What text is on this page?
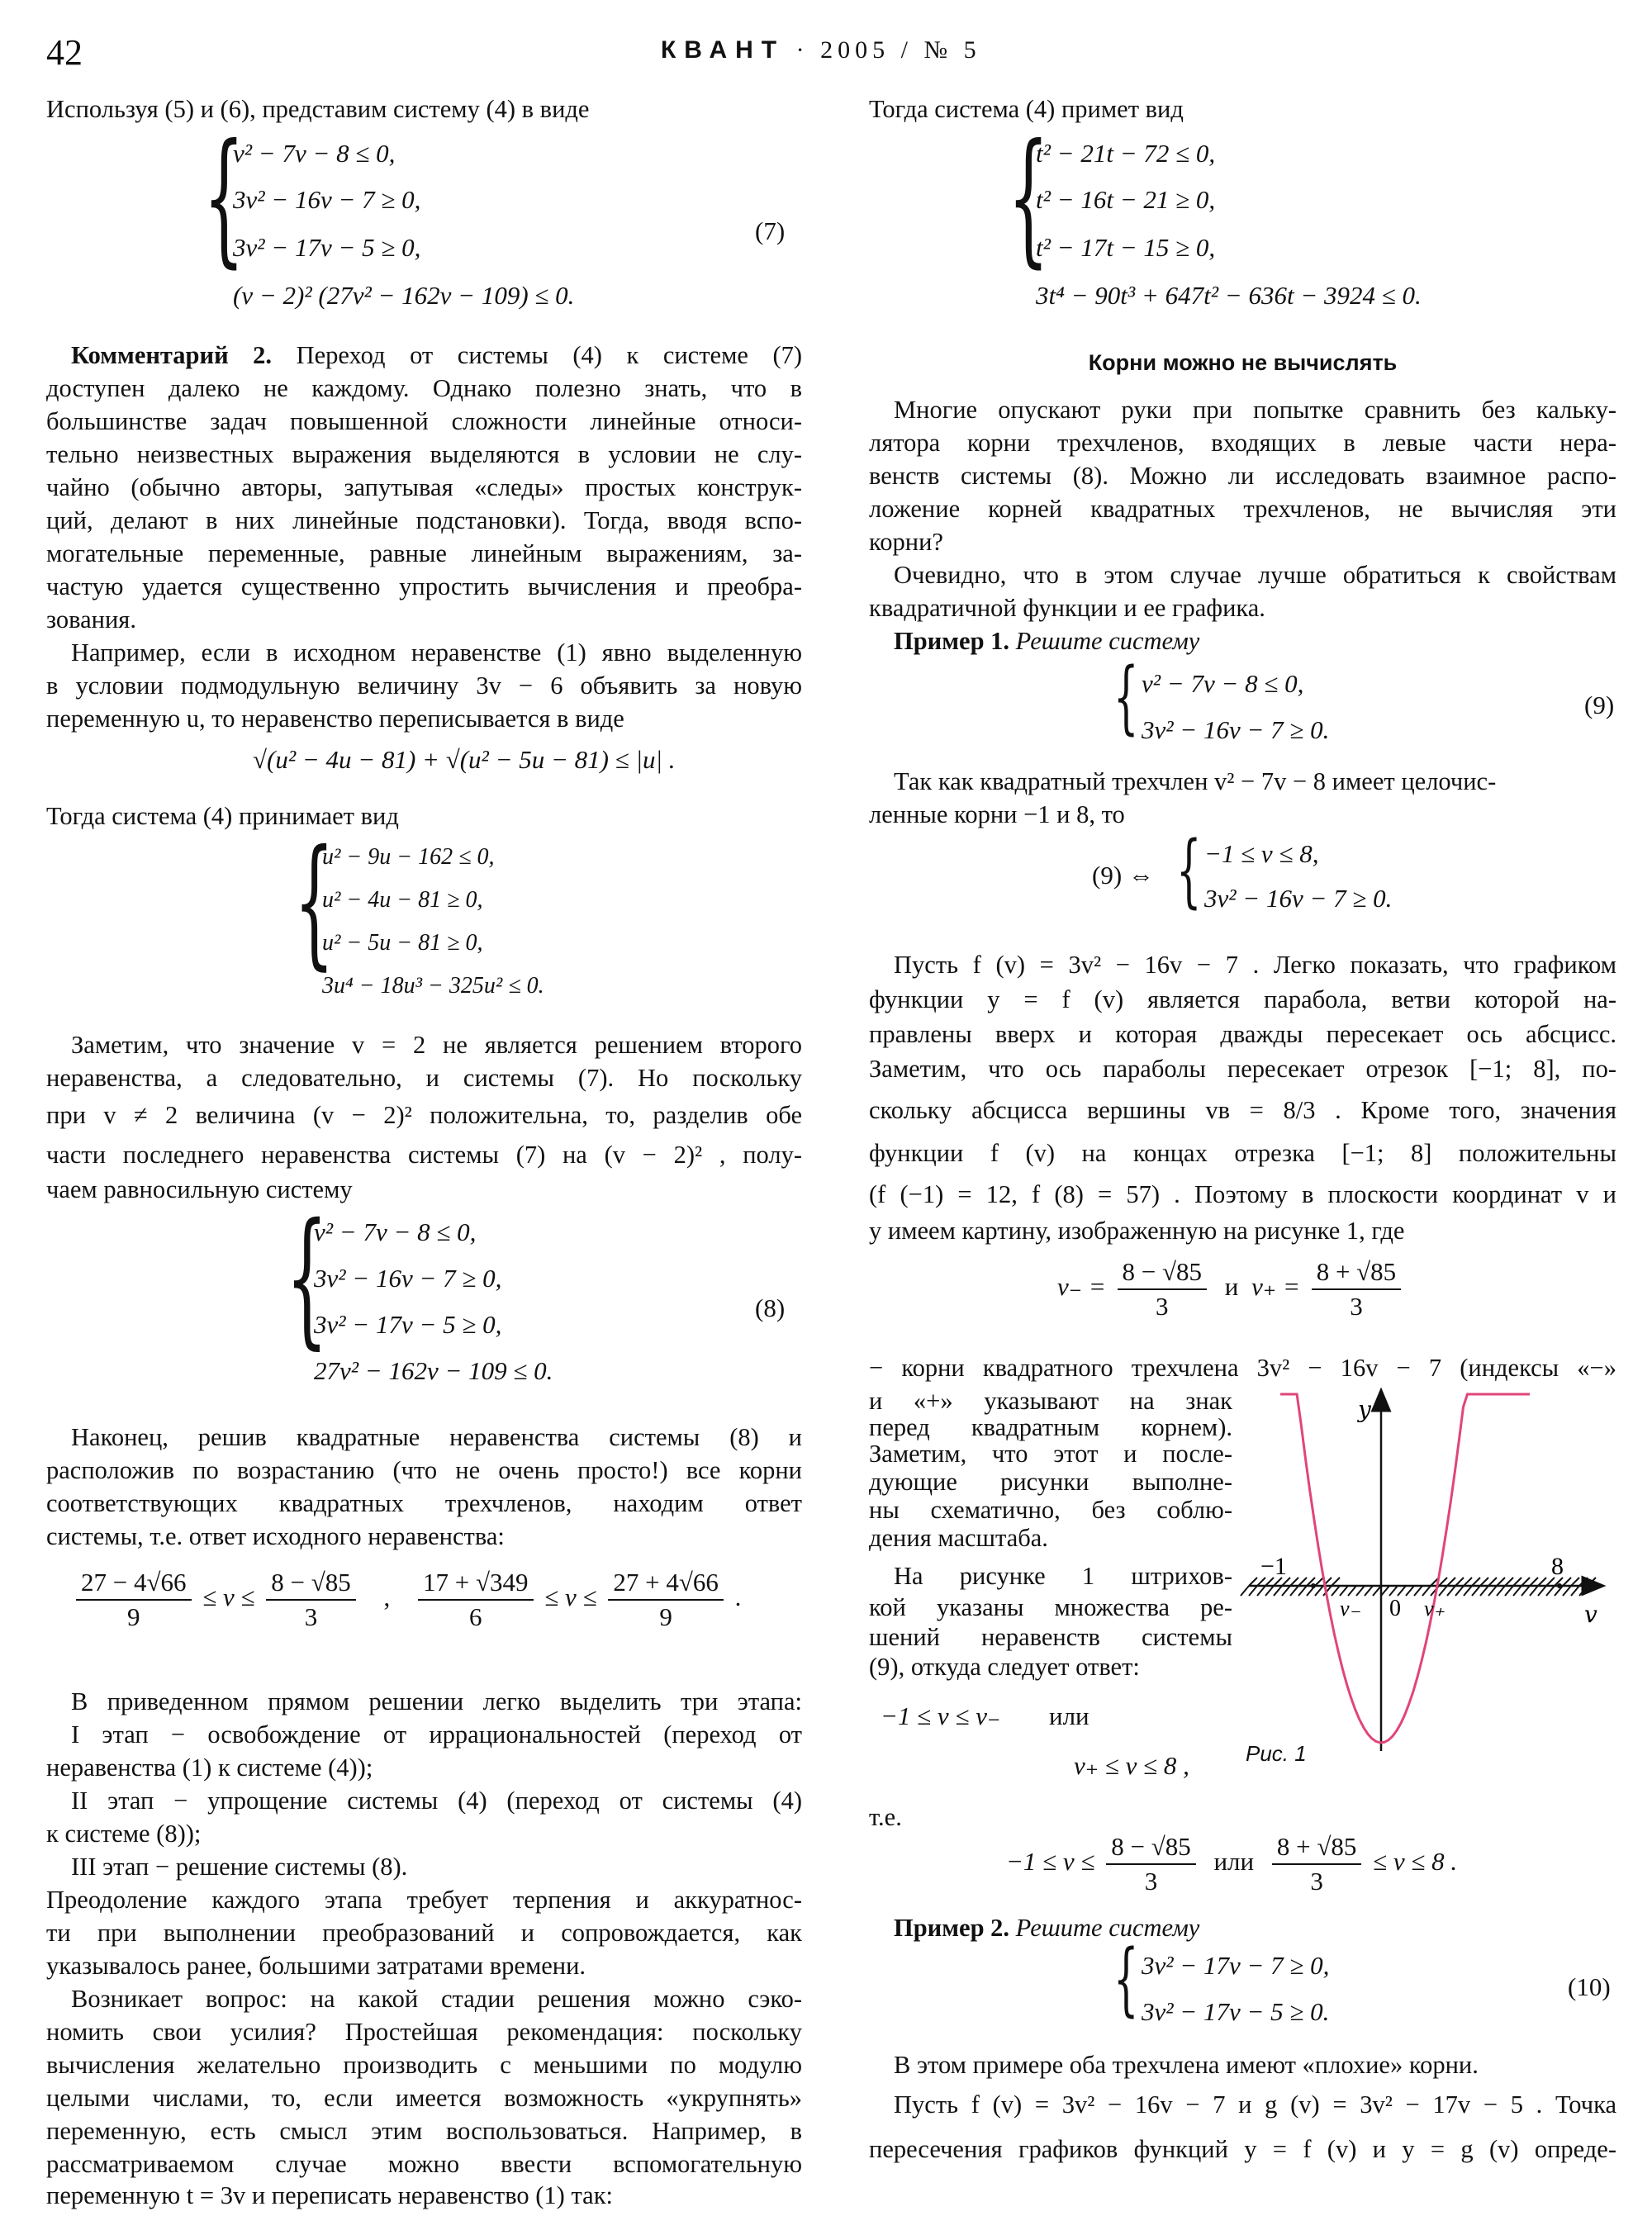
42	КВАНТ · 2005 / № 5
Используя (5) и (6), представим систему (4) в виде
{
v² − 7v − 8 ≤ 0,
3v² − 16v − 7 ≥ 0,
3v² − 17v − 5 ≥ 0,
(v − 2)² (27v² − 162v − 109) ≤ 0.
(7)
Комментарий 2. Переход от системы (4) к системе (7)
доступен далеко не каждому. Однако полезно знать, что в
большинстве задач повышенной сложности линейные относи-
тельно неизвестных выражения выделяются в условии не слу-
чайно (обычно авторы, запутывая «следы» простых конструк-
ций, делают в них линейные подстановки). Тогда, вводя вспо-
могательные переменные, равные линейным выражениям, за-
частую удается существенно упростить вычисления и преобра-
зования.
Например, если в исходном неравенстве (1) явно выделенную
в условии подмодульную величину 3v − 6 объявить за новую
переменную u, то неравенство переписывается в виде
√(u² − 4u − 81) + √(u² − 5u − 81) ≤ |u| .
Тогда система (4) принимает вид
{
u² − 9u − 162 ≤ 0,
u² − 4u − 81 ≥ 0,
u² − 5u − 81 ≥ 0,
3u⁴ − 18u³ − 325u² ≤ 0.
Заметим, что значение v = 2 не является решением второго
неравенства, а следовательно, и системы (7). Но поскольку
при v ≠ 2 величина (v − 2)² положительна, то, разделив обе
части последнего неравенства системы (7) на (v − 2)² , полу-
чаем равносильную систему
{
v² − 7v − 8 ≤ 0,
3v² − 16v − 7 ≥ 0,
3v² − 17v − 5 ≥ 0,
27v² − 162v − 109 ≤ 0.
(8)
Наконец, решив квадратные неравенства системы (8) и
расположив по возрастанию (что не очень просто!) все корни
соответствующих квадратных трехчленов, находим ответ
системы, т.е. ответ исходного неравенства:
$\frac{27 - 4√66}{9} \le v \le \frac{8 - √85}{3}$ , $\frac{17 + √349}{6} \le v \le \frac{27 + 4√66}{9}$ .
В приведенном прямом решении легко выделить три этапа:
I этап − освобождение от иррациональностей (переход от
неравенства (1) к системе (4));
II этап − упрощение системы (4) (переход от системы (4)
к системе (8));
III этап − решение системы (8).
Преодоление каждого этапа требует терпения и аккуратнос-
ти при выполнении преобразований и сопровождается, как
указывалось ранее, большими затратами времени.
Возникает вопрос: на какой стадии решения можно сэко-
номить свои усилия? Простейшая рекомендация: поскольку
вычисления желательно производить с меньшими по модулю
целыми числами, то, если имеется возможность «укрупнять»
переменную, есть смысл этим воспользоваться. Например, в
рассматриваемом случае можно ввести вспомогательную
переменную t = 3v и переписать неравенство (1) так:
Тогда система (4) примет вид
{
t² − 21t − 72 ≤ 0,
t² − 16t − 21 ≥ 0,
t² − 17t − 15 ≥ 0,
3t⁴ − 90t³ + 647t² − 636t − 3924 ≤ 0.
Корни можно не вычислять
Многие опускают руки при попытке сравнить без кальку-
лятора корни трехчленов, входящих в левые части нера-
венств системы (8). Можно ли исследовать взаимное распо-
ложение корней квадратных трехчленов, не вычисляя эти
корни?
Очевидно, что в этом случае лучше обратиться к свойствам
квадратичной функции и ее графика.
Пример 1. Решите систему
{ v² − 7v − 8 ≤ 0,
3v² − 16v − 7 ≥ 0.
(9)
Так как квадратный трехчлен v² − 7v − 8 имеет целочис-
ленные корни −1 и 8, то
(9) ⇔ { −1 ≤ v ≤ 8,
3v² − 16v − 7 ≥ 0.
Пусть f (v) = 3v² − 16v − 7 . Легко показать, что графиком
функции y = f (v) является парабола, ветви которой на-
правлены вверх и которая дважды пересекает ось абсцисс.
Заметим, что ось параболы пересекает отрезок [−1; 8], по-
скольку абсцисса вершины vв = 8/3 . Кроме того, значения
функции f (v) на концах отрезка [−1; 8] положительны
(f (−1) = 12, f (8) = 57) . Поэтому в плоскости координат v и
y имеем картину, изображенную на рисунке 1, где
$v_- = \frac{8 - √85}{3}$ и $v_+ = \frac{8 + √85}{3}$
− корни квадратного трехчлена 3v² − 16v − 7 (индексы «−»
и «+» указывают на знак
перед квадратным корнем).
Заметим, что этот и после-
дующие рисунки выполне-
ны схематично, без соблю-
дения масштаба.
На рисунке 1 штрихов-
кой указаны множества ре-
шений неравенств системы
(9), откуда следует ответ:
−1 ≤ v ≤ v₋ или
v₊ ≤ v ≤ 8 ,
т.е.
$-1 \le v \le \frac{8 - √85}{3}$ или $\frac{8 + √85}{3} \le v \le 8$ .
Пример 2. Решите систему
{ 3v² − 17v − 7 ≥ 0,
3v² − 17v − 5 ≥ 0.
(10)
В этом примере оба трехчлена имеют «плохие» корни.
Пусть f (v) = 3v² − 16v − 7 и g (v) = 3v² − 17v − 5 . Точка
пересечения графиков функций y = f (v) и y = g (v) опреде-
y
v
−1	8
v₋ 0 v₊
Рис. 1
